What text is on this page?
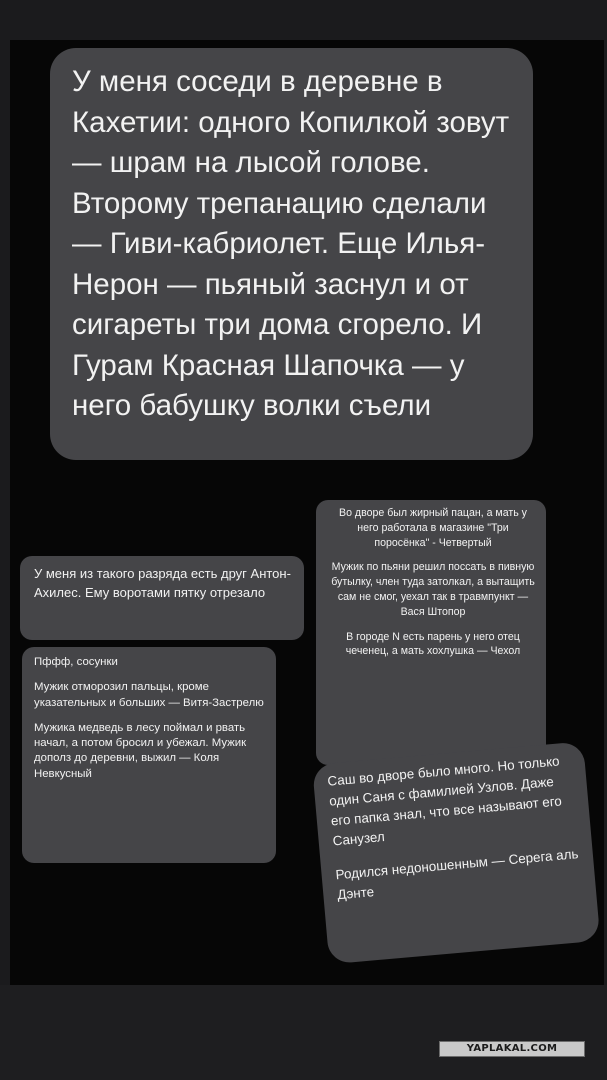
У меня соседи в деревне в Кахетии: одного Копилкой зовут — шрам на лысой голове. Второму трепанацию сделали — Гиви-кабриолет. Еще Илья-Нерон — пьяный заснул и от сигареты три дома сгорело. И Гурам Красная Шапочка — у него бабушку волки съели
У меня из такого разряда есть друг Антон-Ахилес. Ему воротами пятку отрезало
Пффф, сосунки
Мужик отморозил пальцы, кроме указательных и больших — Витя-Застрелю
Мужика медведь в лесу поймал и рвать начал, а потом бросил и убежал. Мужик дополз до деревни, выжил — Коля Невкусный
Во дворе был жирный пацан, а мать у него работала в магазине "Три поросёнка" - Четвертый
Мужик по пьяни решил поссать в пивную бутылку, член туда затолкал, а вытащить сам не смог, уехал так в травмпункт — Вася Штопор
В городе N есть парень у него отец чеченец, а мать хохлушка — Чехол
Саш во дворе было много. Но только один Саня с фамилией Узлов. Даже его папка знал, что все называют его Санузел
Родился недоношенным — Серега аль Дэнте
YAPLAKAL.COM
